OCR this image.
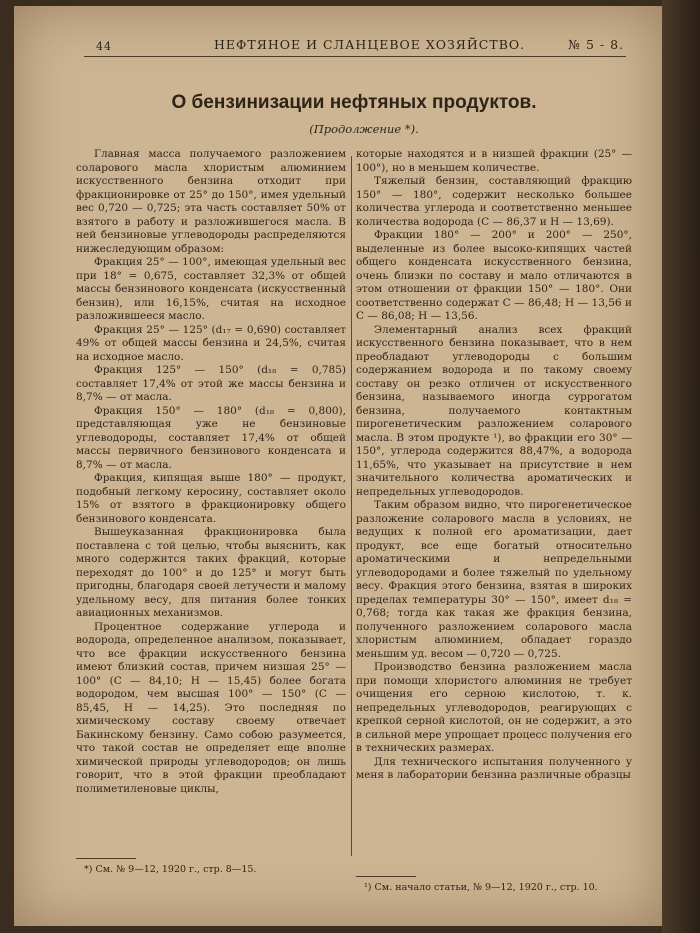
44	НЕФТЯНОЕ И СЛАНЦЕВОЕ ХОЗЯЙСТВО.	№ 5 - 8.
О бензинизации нефтяных продуктов.
(Продолжение *).

Главная масса получаемого разложением соларового масла хлористым алюминием искусственного бензина отходит при фракционировке от 25° до 150°, имея удельный вес 0,720 — 0,725; эта часть составляет 50% от взятого в работу и разложившегося масла. В ней бензиновые углеводороды распределяются нижеследующим образом:

Фракция 25° — 100°, имеющая удельный вес при 18° = 0,675, составляет 32,3% от общей массы бензинового конденсата (искусственный бензин), или 16,15%, считая на исходное разложившееся масло.

Фракция 25° — 125° (d₁₇ = 0,690) составляет 49% от общей массы бензина и 24,5%, считая на исходное масло.

Фракция 125° — 150° (d₁₈ = 0,785) составляет 17,4% от этой же массы бензина и 8,7% — от масла.

Фракция 150° — 180° (d₁₈ = 0,800), представляющая уже не бензиновые углеводороды, составляет 17,4% от общей массы первичного бензинового конденсата и 8,7% — от масла.

Фракция, кипящая выше 180° — продукт, подобный легкому керосину, составляет около 15% от взятого в фракционировку общего бензинового конденсата.

Вышеуказанная фракционировка была поставлена с той целью, чтобы выяснить, как много содержится таких фракций, которые переходят до 100° и до 125° и могут быть пригодны, благодаря своей летучести и малому удельному весу, для питания более тонких авиационных механизмов.

Процентное содержание углерода и водорода, определенное анализом, показывает, что все фракции искусственного бензина имеют близкий состав, причем низшая 25° — 100° (C — 84,10; H — 15,45) более богата водородом, чем высшая 100° — 150° (C — 85,45, H — 14,25). Это последняя по химическому составу своему отвечает Бакинскому бензину. Само собою разумеется, что такой состав не определяет еще вполне химической природы углеводородов; он лишь говорит, что в этой фракции преобладают полиметиленовые циклы,

которые находятся и в низшей фракции (25° — 100°), но в меньшем количестве.

Тяжелый бензин, составляющий фракцию 150° — 180°, содержит несколько большее количества углерода и соответственно меньшее количества водорода (C — 86,37 и H — 13,69).

Фракции 180° — 200° и 200° — 250°, выделенные из более высоко-кипящих частей общего конденсата искусственного бензина, очень близки по составу и мало отличаются в этом отношении от фракции 150° — 180°. Они соответственно содержат C — 86,48; H — 13,56 и C — 86,08; H — 13,56.

Элементарный анализ всех фракций искусственного бензина показывает, что в нем преобладают углеводороды с большим содержанием водорода и по такому своему составу он резко отличен от искусственного бензина, называемого иногда суррогатом бензина, получаемого контактным пирогенетическим разложением соларового масла. В этом продукте ¹), во фракции его 30° — 150°, углерода содержится 88,47%, а водорода 11,65%, что указывает на присутствие в нем значительного количества ароматических и непредельных углеводородов.

Таким образом видно, что пирогенетическое разложение соларового масла в условиях, не ведущих к полной его ароматизации, дает продукт, все еще богатый относительно ароматическими и непредельными углеводородами и более тяжелый по удельному весу. Фракция этого бензина, взятая в широких пределах температуры 30° — 150°, имеет d₁₈ = 0,768; тогда как такая же фракция бензина, полученного разложением соларового масла хлористым алюминием, обладает гораздо меньшим уд. весом — 0,720 — 0,725.

Производство бензина разложением масла при помощи хлористого алюминия не требует очищения его серною кислотою, т. к. непредельных углеводородов, реагирующих с крепкой серной кислотой, он не содержит, а это в сильной мере упрощает процесс получения его в технических размерах.

Для технического испытания полученного у меня в лаборатории бензина различные образцы

*) См. № 9—12, 1920 г., стр. 8—15.
¹) См. начало статьи, № 9—12, 1920 г., стр. 10.
